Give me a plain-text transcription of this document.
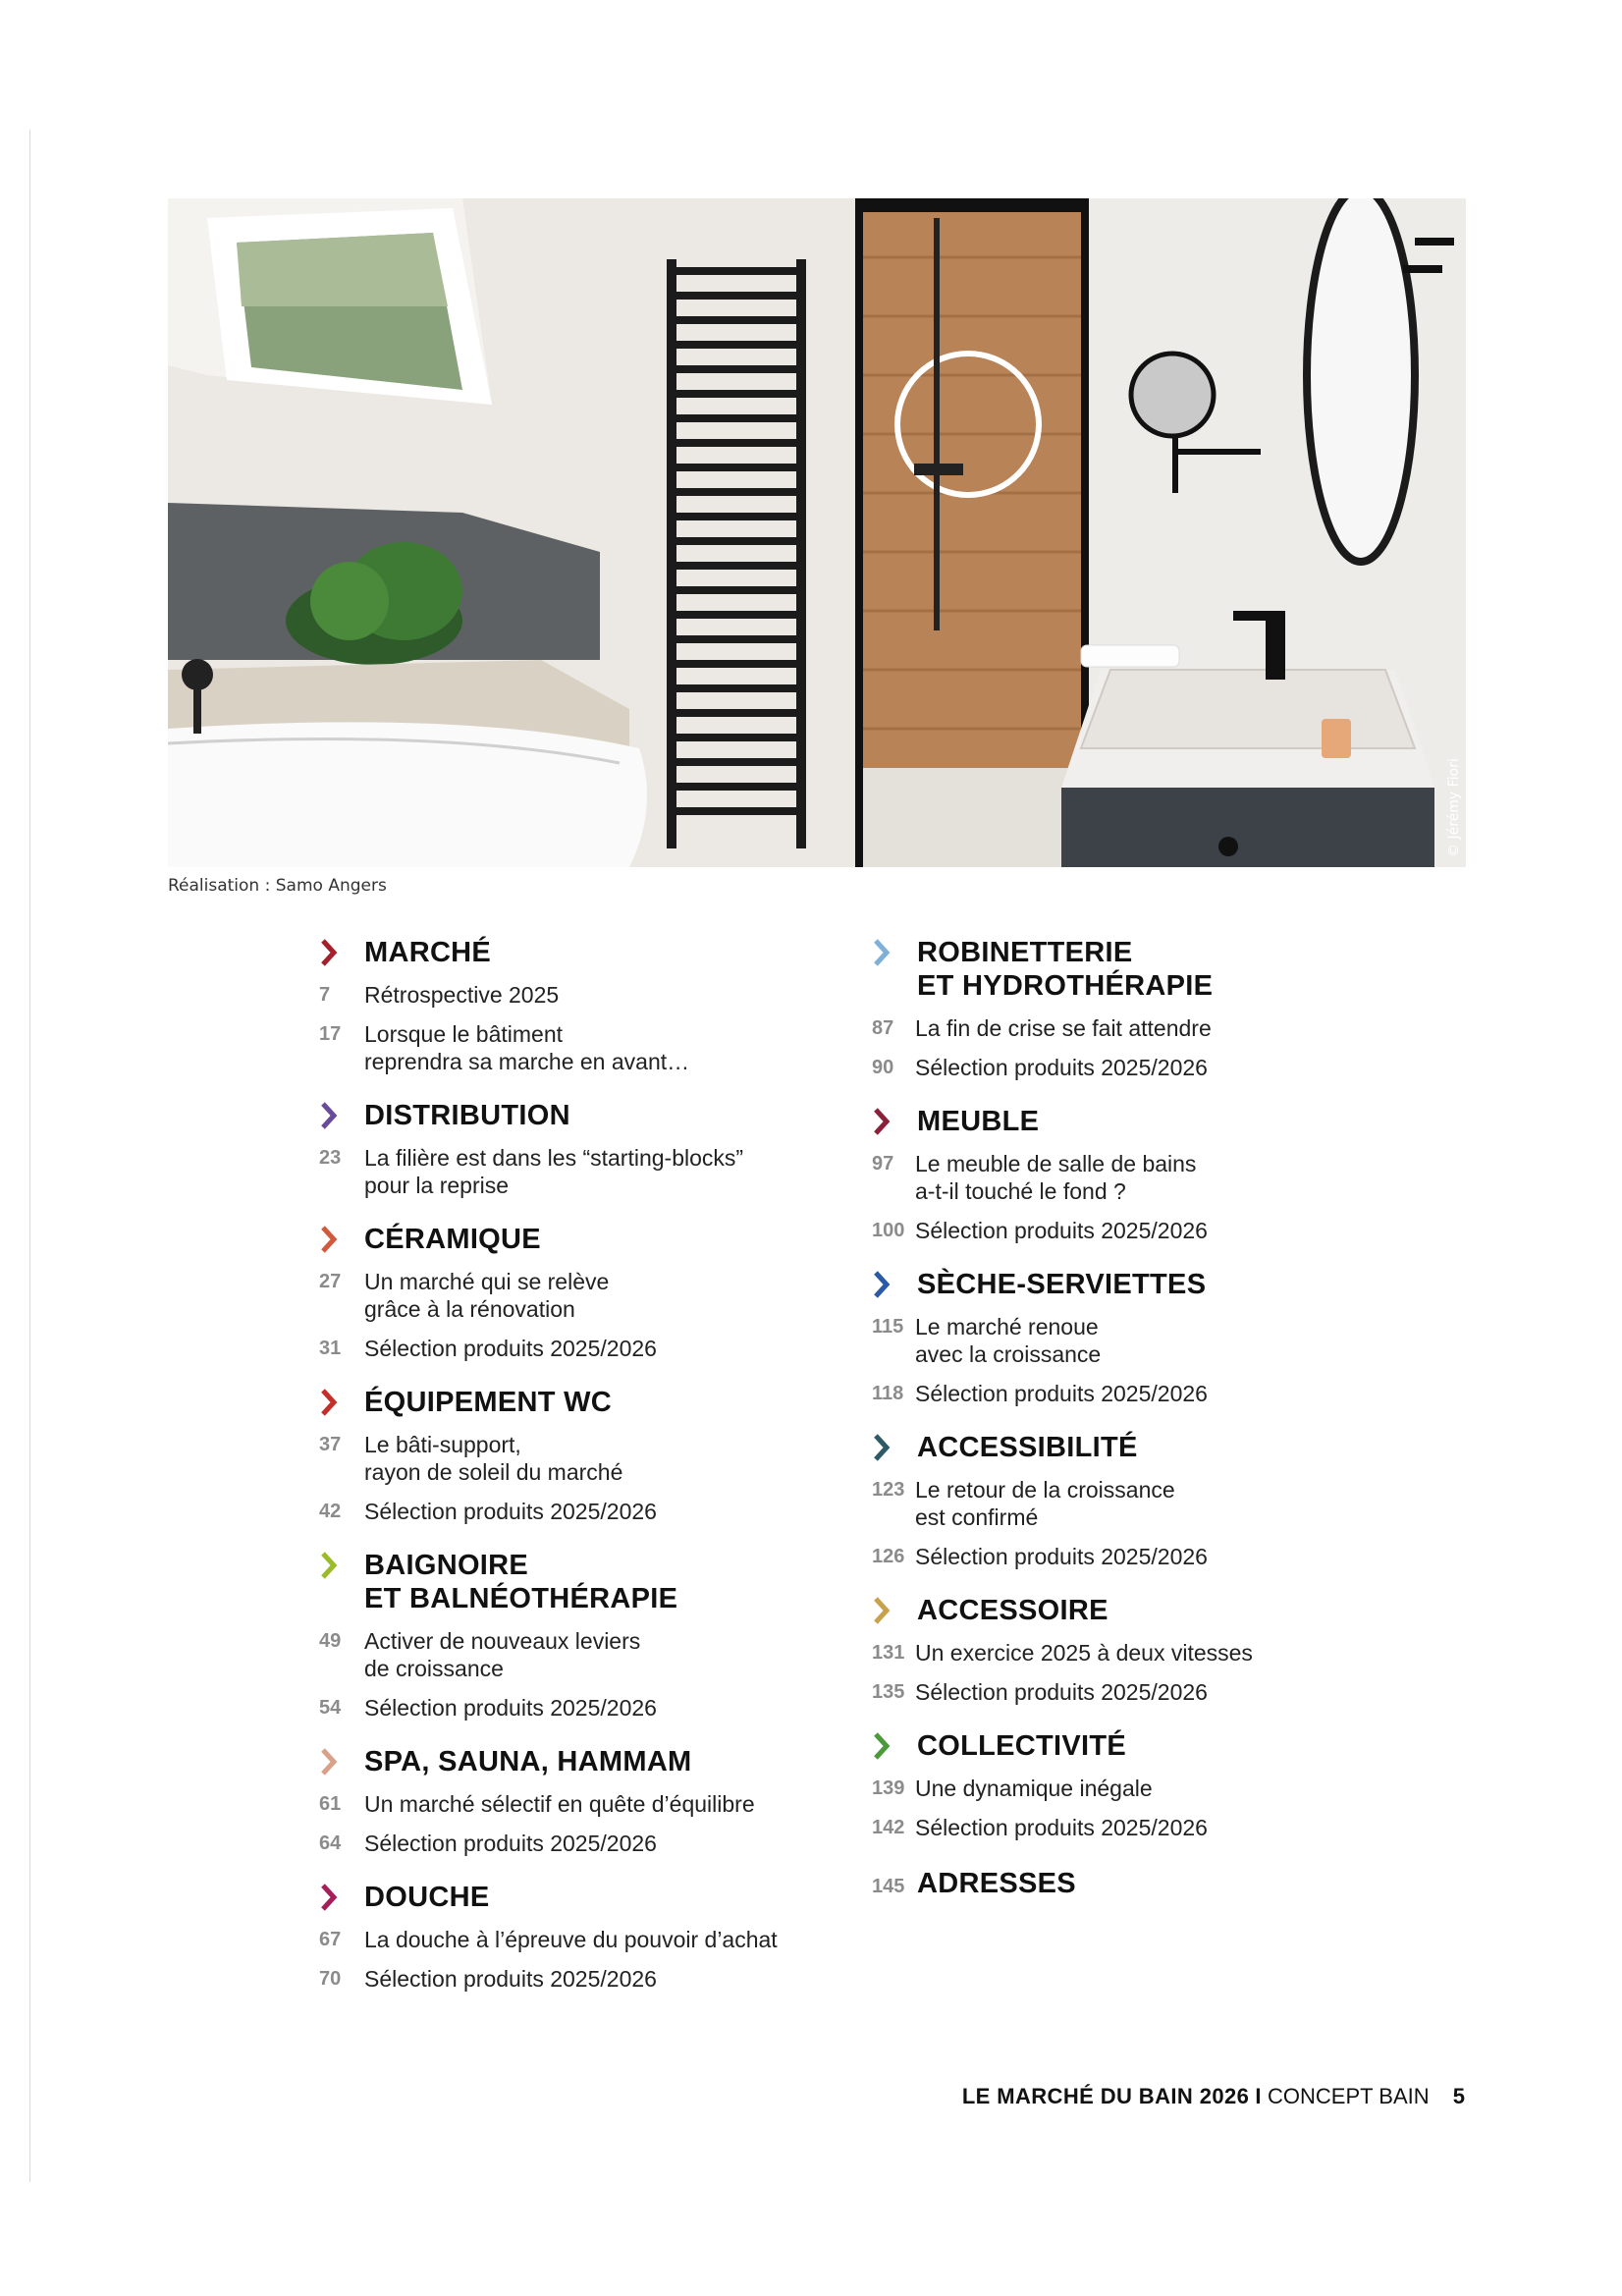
© Jérémy Fiori
Réalisation : Samo Angers
MARCHÉ
7	Rétrospective 2025
17	Lorsque le bâtiment
reprendra sa marche en avant…
DISTRIBUTION
23	La filière est dans les “starting-blocks”
pour la reprise
CÉRAMIQUE
27	Un marché qui se relève
grâce à la rénovation
31	Sélection produits 2025/2026
ÉQUIPEMENT WC
37	Le bâti-support,
rayon de soleil du marché
42	Sélection produits 2025/2026
BAIGNOIRE
ET BALNÉOTHÉRAPIE
49	Activer de nouveaux leviers
de croissance
54	Sélection produits 2025/2026
SPA, SAUNA, HAMMAM
61	Un marché sélectif en quête d’équilibre
64	Sélection produits 2025/2026
DOUCHE
67	La douche à l’épreuve du pouvoir d’achat
70	Sélection produits 2025/2026
ROBINETTERIE
ET HYDROTHÉRAPIE
87 La fin de crise se fait attendre
90 Sélection produits 2025/2026
MEUBLE
97 Le meuble de salle de bains
a-t-il touché le fond ?
100 Sélection produits 2025/2026
SÈCHE-SERVIETTES
115 Le marché renoue
avec la croissance
118 Sélection produits 2025/2026
ACCESSIBILITÉ
123 Le retour de la croissance
est confirmé
126 Sélection produits 2025/2026
ACCESSOIRE
131 Un exercice 2025 à deux vitesses
135 Sélection produits 2025/2026
COLLECTIVITÉ
139 Une dynamique inégale
142 Sélection produits 2025/2026
145 ADRESSES
LE MARCHÉ DU BAIN 2026 I CONCEPT BAIN 5
